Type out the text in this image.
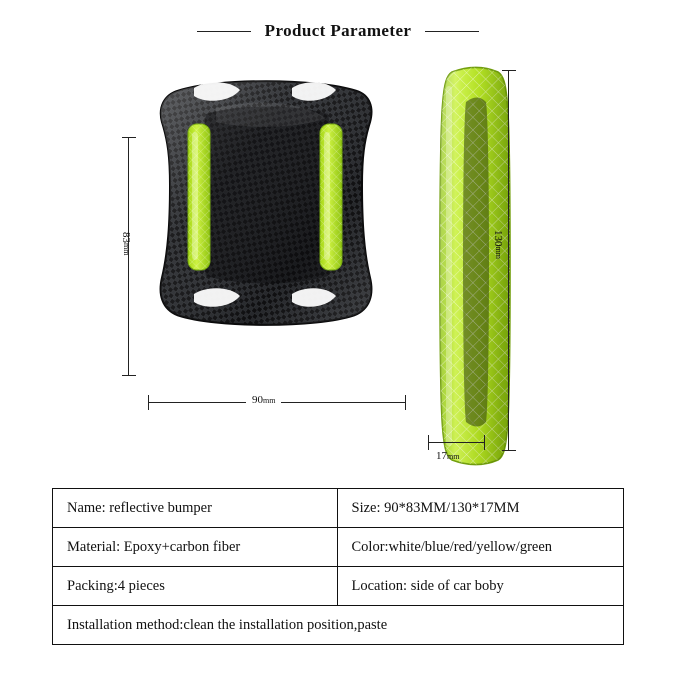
Product Parameter
83mm
90mm
130mm
17mm
Name: reflective bumper	Size: 90*83MM/130*17MM
Material: Epoxy+carbon fiber	Color:white/blue/red/yellow/green
Packing:4 pieces	Location: side of car boby
Installation method:clean the installation position,paste
